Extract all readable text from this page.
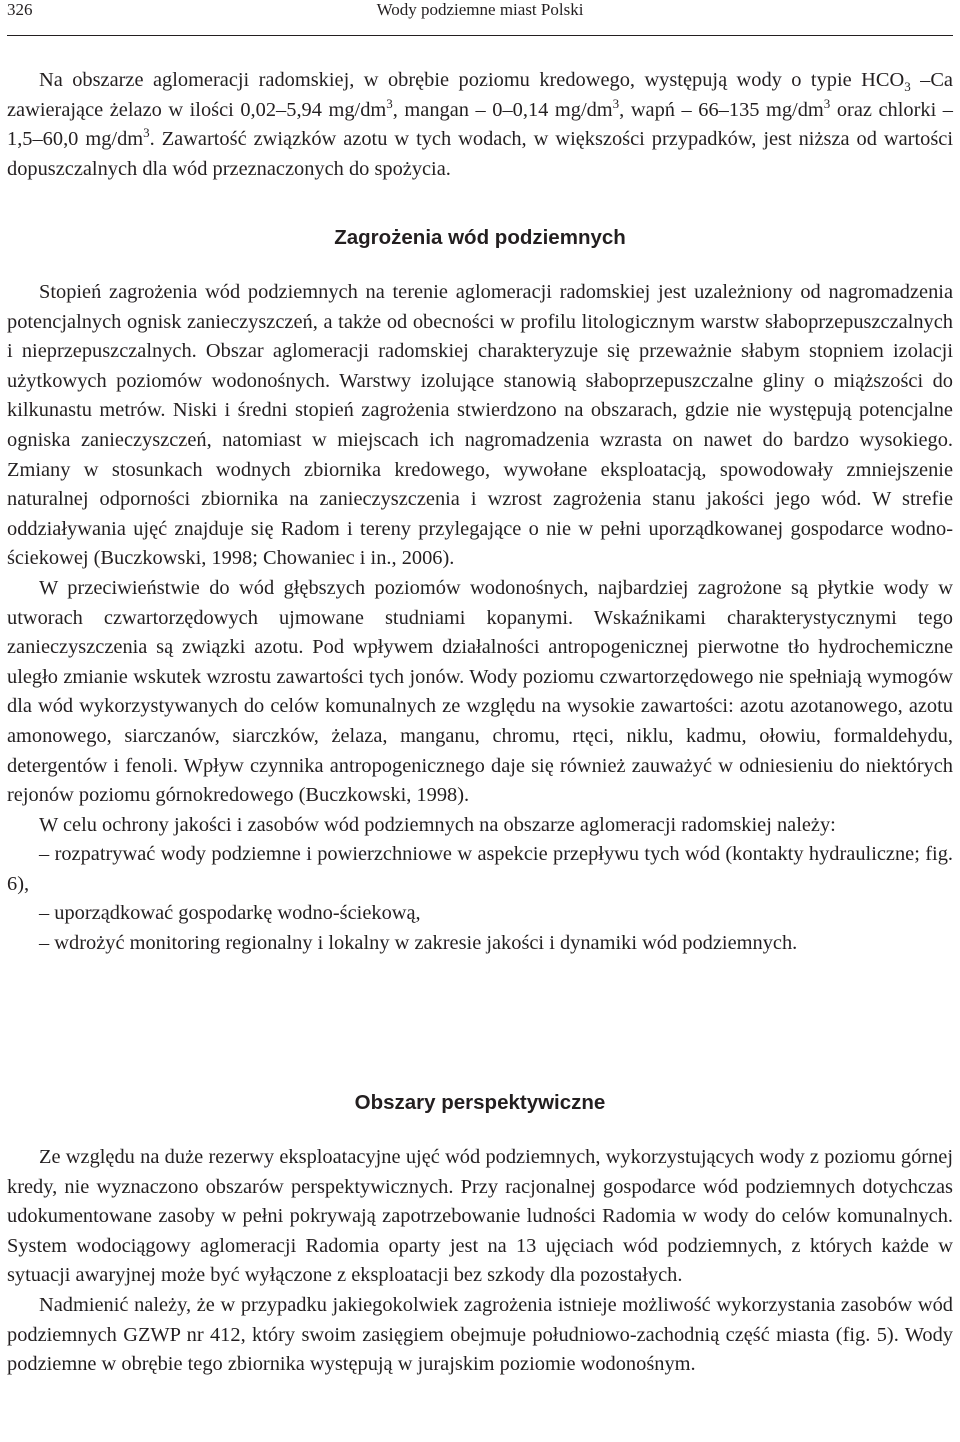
326	Wody podziemne miast Polski

Na obszarze aglomeracji radomskiej, w obrębie poziomu kredowego, występują wody o typie $HCO_3$ –Ca zawierające żelazo w ilości 0,02–5,94 $mg/dm^3$, mangan – 0–0,14 $mg/dm^3$, wapń – 66–135 $mg/dm^3$ oraz chlorki – 1,5–60,0 $mg/dm^3$. Zawartość związków azotu w tych wodach, w większości przypadków, jest niższa od wartości dopuszczalnych dla wód przeznaczonych do spożycia.

Zagrożenia wód podziemnych

Stopień zagrożenia wód podziemnych na terenie aglomeracji radomskiej jest uzależniony od nagromadzenia potencjalnych ognisk zanieczyszczeń, a także od obecności w profilu litologicznym warstw słaboprzepuszczalnych i nieprzepuszczalnych. Obszar aglomeracji radomskiej charakteryzuje się przeważnie słabym stopniem izolacji użytkowych poziomów wodonośnych. Warstwy izolujące stanowią słaboprzepuszczalne gliny o miąższości do kilkunastu metrów. Niski i średni stopień zagrożenia stwierdzono na obszarach, gdzie nie występują potencjalne ogniska zanieczyszczeń, natomiast w miejscach ich nagromadzenia wzrasta on nawet do bardzo wysokiego. Zmiany w stosunkach wodnych zbiornika kredowego, wywołane eksploatacją, spowodowały zmniejszenie naturalnej odporności zbiornika na zanieczyszczenia i wzrost zagrożenia stanu jakości jego wód. W strefie oddziaływania ujęć znajduje się Radom i tereny przylegające o nie w pełni uporządkowanej gospodarce wodno-ściekowej (Buczkowski, 1998; Chowaniec i in., 2006).

W przeciwieństwie do wód głębszych poziomów wodonośnych, najbardziej zagrożone są płytkie wody w utworach czwartorzędowych ujmowane studniami kopanymi. Wskaźnikami charakterystycznymi tego zanieczyszczenia są związki azotu. Pod wpływem działalności antropogenicznej pierwotne tło hydrochemiczne uległo zmianie wskutek wzrostu zawartości tych jonów. Wody poziomu czwartorzędowego nie spełniają wymogów dla wód wykorzystywanych do celów komunalnych ze względu na wysokie zawartości: azotu azotanowego, azotu amonowego, siarczanów, siarczków, żelaza, manganu, chromu, rtęci, niklu, kadmu, ołowiu, formaldehydu, detergentów i fenoli. Wpływ czynnika antropogenicznego daje się również zauważyć w odniesieniu do niektórych rejonów poziomu górnokredowego (Buczkowski, 1998).

W celu ochrony jakości i zasobów wód podziemnych na obszarze aglomeracji radomskiej należy:

– rozpatrywać wody podziemne i powierzchniowe w aspekcie przepływu tych wód (kontakty hydrauliczne; fig. 6),

– uporządkować gospodarkę wodno-ściekową,

– wdrożyć monitoring regionalny i lokalny w zakresie jakości i dynamiki wód podziemnych.

Obszary perspektywiczne

Ze względu na duże rezerwy eksploatacyjne ujęć wód podziemnych, wykorzystujących wody z poziomu górnej kredy, nie wyznaczono obszarów perspektywicznych. Przy racjonalnej gospodarce wód podziemnych dotychczas udokumentowane zasoby w pełni pokrywają zapotrzebowanie ludności Radomia w wody do celów komunalnych. System wodociągowy aglomeracji Radomia oparty jest na 13 ujęciach wód podziemnych, z których każde w sytuacji awaryjnej może być wyłączone z eksploatacji bez szkody dla pozostałych.

Nadmienić należy, że w przypadku jakiegokolwiek zagrożenia istnieje możliwość wykorzystania zasobów wód podziemnych GZWP nr 412, który swoim zasięgiem obejmuje południowo-zachodnią część miasta (fig. 5). Wody podziemne w obrębie tego zbiornika występują w jurajskim poziomie wodonośnym.
